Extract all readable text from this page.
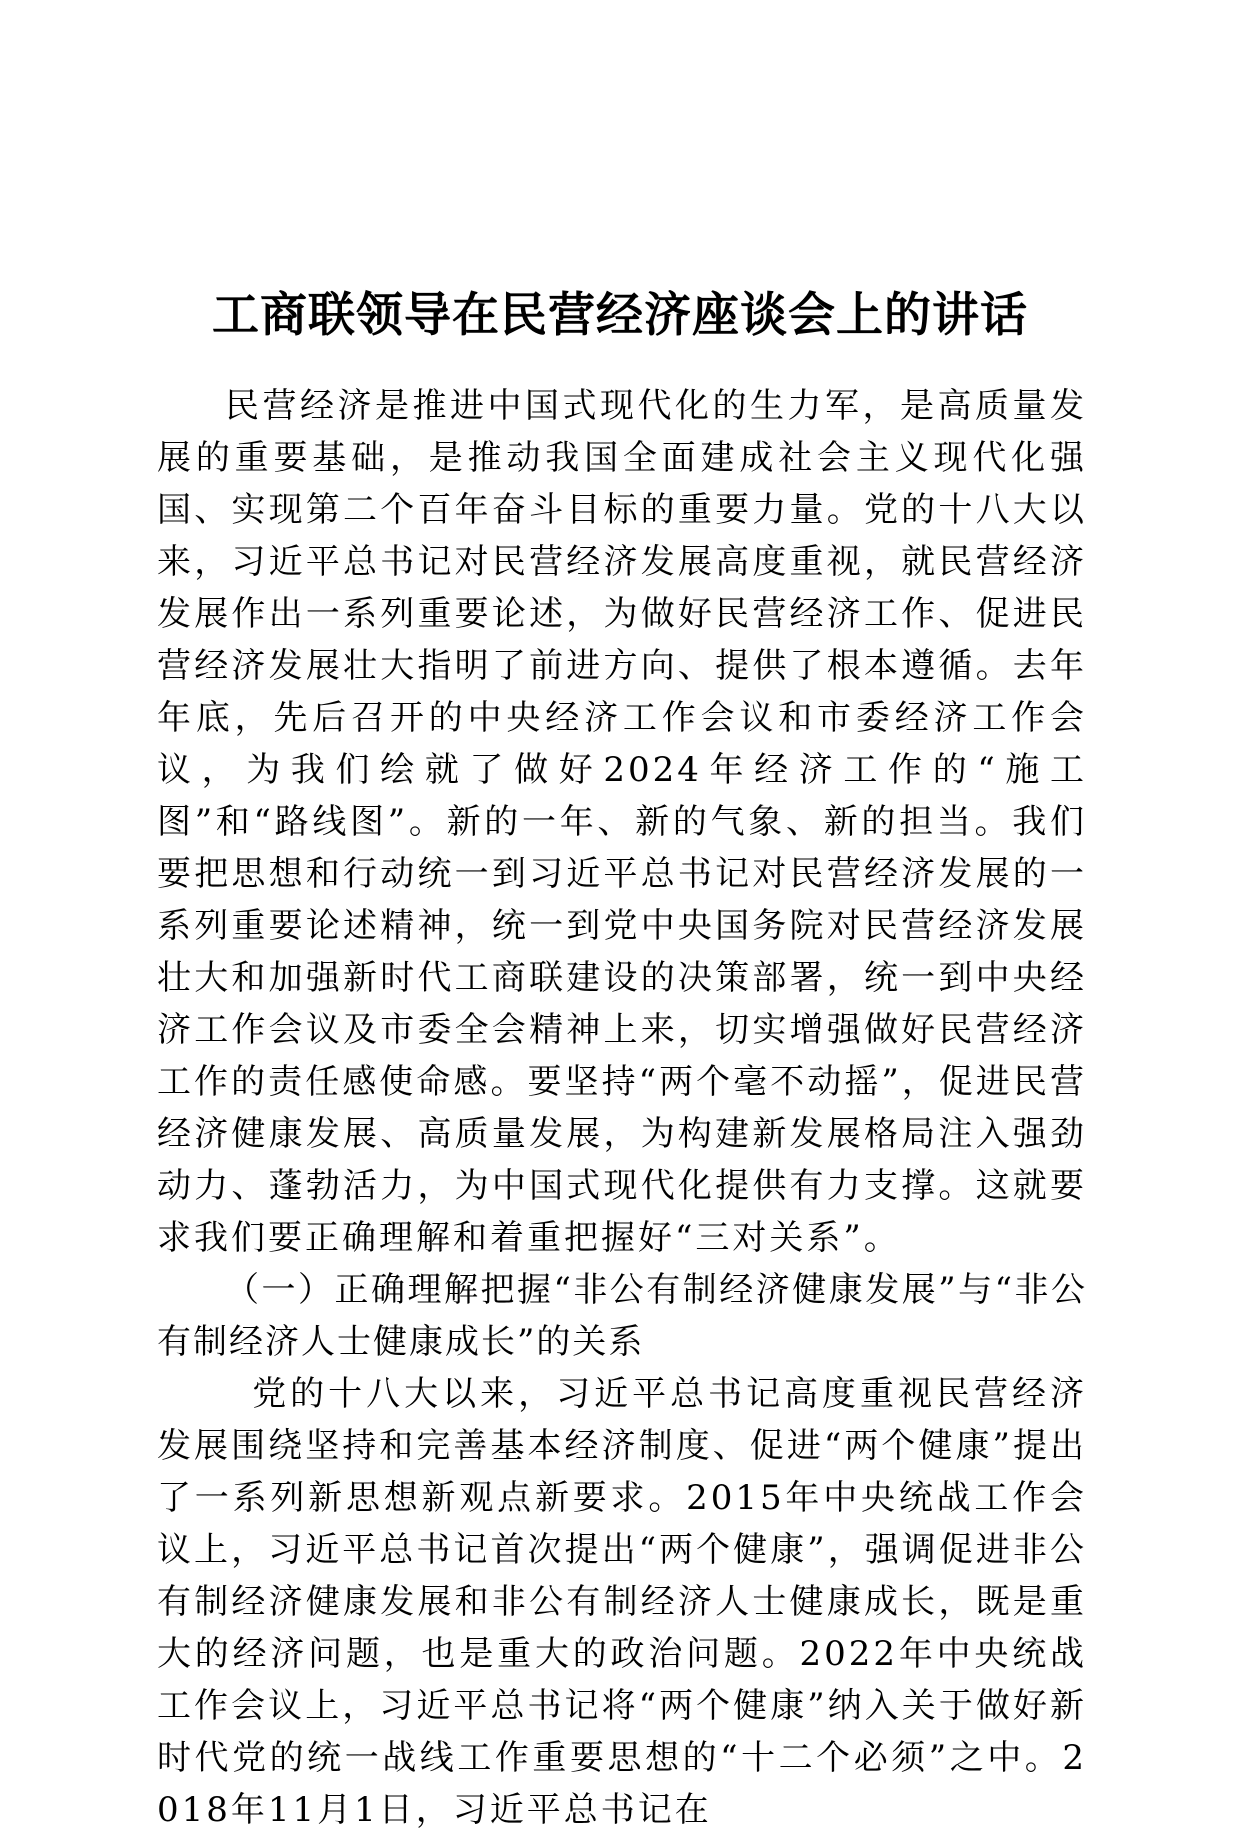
工商联领导在民营经济座谈会上的讲话

民营经济是推进中国式现代化的生力军，是高质量发展的重要基础，是推动我国全面建成社会主义现代化强国、实现第二个百年奋斗目标的重要力量。党的十八大以来，习近平总书记对民营经济发展高度重视，就民营经济发展作出一系列重要论述，为做好民营经济工作、促进民营经济发展壮大指明了前进方向、提供了根本遵循。去年年底，先后召开的中央经济工作会议和市委经济工作会议，为我们绘就了做好2024年经济工作的“施工图”和“路线图”。新的一年、新的气象、新的担当。我们要把思想和行动统一到习近平总书记对民营经济发展的一系列重要论述精神，统一到党中央国务院对民营经济发展壮大和加强新时代工商联建设的决策部署，统一到中央经济工作会议及市委全会精神上来，切实增强做好民营经济工作的责任感使命感。要坚持“两个毫不动摇”，促进民营经济健康发展、高质量发展，为构建新发展格局注入强劲动力、蓬勃活力，为中国式现代化提供有力支撑。这就要求我们要正确理解和着重把握好“三对关系”。

（一）正确理解把握“非公有制经济健康发展”与“非公有制经济人士健康成长”的关系

党的十八大以来，习近平总书记高度重视民营经济发展围绕坚持和完善基本经济制度、促进“两个健康”提出了一系列新思想新观点新要求。2015年中央统战工作会议上，习近平总书记首次提出“两个健康”，强调促进非公有制经济健康发展和非公有制经济人士健康成长，既是重大的经济问题，也是重大的政治问题。2022年中央统战工作会议上，习近平总书记将“两个健康”纳入关于做好新时代党的统一战线工作重要思想的“十二个必须”之中。2018年11月1日，习近平总书记在
